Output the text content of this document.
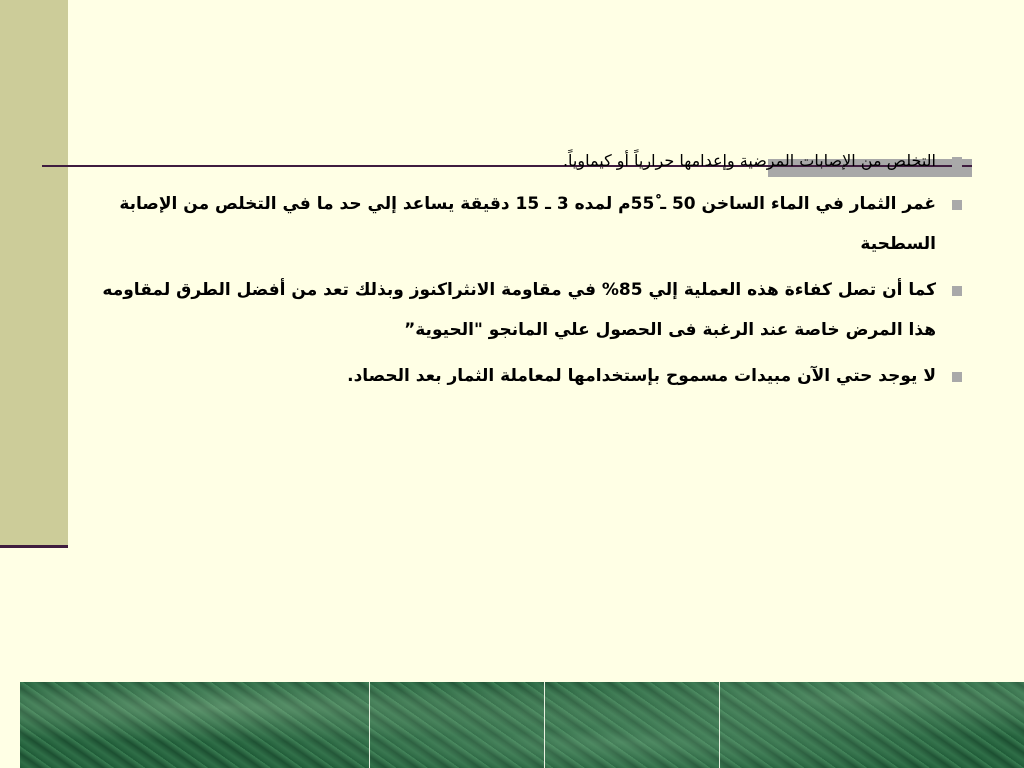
التخلص من الإصابات المرضية وإعدامها حرارياً أو كيماوياً.
غمر الثمار في الماء الساخن 50 ـ 55ْم لمده 3 ـ 15 دقيقة يساعد إلي حد ما في التخلص من الإصابة السطحية
كما أن تصل كفاءة هذه العملية إلي 85% في مقاومة الانثراكنوز وبذلك تعد من أفضل الطرق لمقاومه هذا المرض خاصة عند الرغبة فى الحصول علي المانجو "الحيوية”
لا يوجد حتي الآن مبيدات مسموح بإستخدامها لمعاملة الثمار بعد الحصاد.
